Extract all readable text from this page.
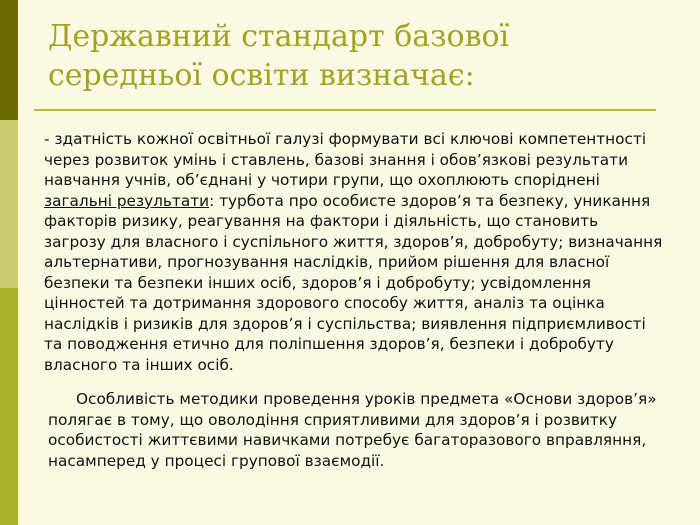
Державний стандарт базової середньої освіти визначає:

- здатність кожної освітньої галузі формувати всі ключові компетентності через розвиток умінь і ставлень, базові знання і обов’язкові результати навчання учнів, об’єднані у чотири групи, що охоплюють споріднені загальні результати: турбота про особисте здоров’я та безпеку, уникання факторів ризику, реагування на фактори і діяльність, що становить загрозу для власного і суспільного життя, здоров’я, добробуту; визначання альтернативи, прогнозування наслідків, прийом рішення для власної безпеки та безпеки інших осіб, здоров’я і добробуту; усвідомлення цінностей та дотримання здорового способу життя, аналіз та оцінка наслідків і ризиків для здоров’я і суспільства; виявлення підприємливості та поводження етично для поліпшення здоров’я, безпеки і добробуту власного та інших осіб.

Особливість методики проведення уроків предмета «Основи здоров’я» полягає в тому, що оволодіння сприятливими для здоров’я і розвитку особистості життєвими навичками потребує багаторазового вправляння, насамперед у процесі групової взаємодії.
